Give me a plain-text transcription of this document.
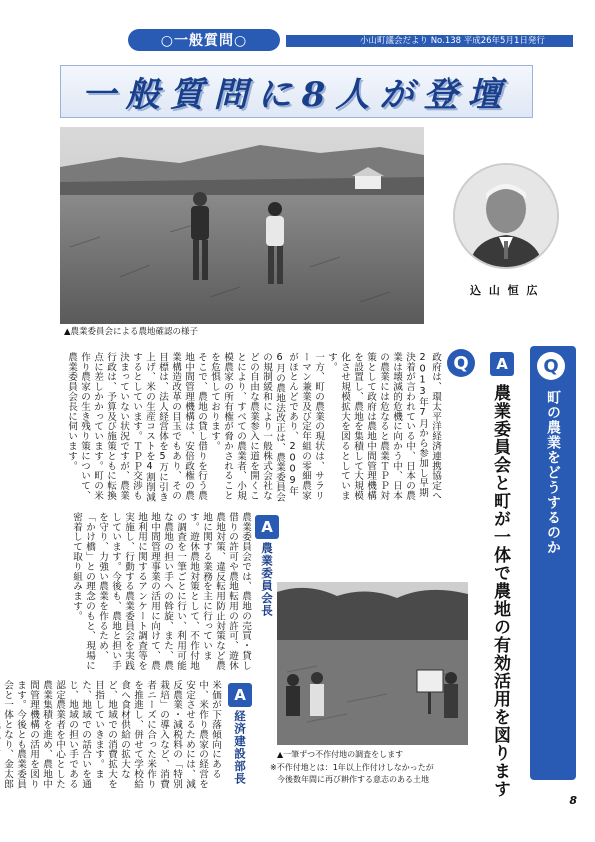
○一般質問○	小山町議会だより No.138 平成26年5月1日発行
一般質問に8人が登壇
▲農業委員会による農地確認の様子
込 山 恒 広
Q
町の農業をどうするのか
A
農業委員会と町が一体で農地の有効活用を図ります
Q

政府は、環太平洋経済連携協定へ2013年7月から参加し早期決着が言われている中、日本の農業は壊滅的危機に向かう中、日本の農業には危なると農業ＴＰＰ対策として政府は農地中間管理機構を設置し、農地を集積して大規模化させ規模拡大を図るとしています。

一方、町の農業の現状は、サラリーマン兼業及び定年組の零細農家がほとんどであり、2009年6月の農地法改正は、農業委員会の規制緩和により一般株式会社などの自由な農業参入に道を開くことにより、すべての農業者、小規模農家の所有権が脅かされることを危惧しております。

そこで、農地の貸し借りを行う農地中間管理機構は、安倍政権の農業構造改革の目玉でもあり、その目標は、法人経営体を5万に引き上げ、米の生産コストを4割削減するとしています。ＴＰＰ交渉も決まっていない状況ですが、農業行政は、予算及び施策ともに転換点に差しかかっています。町の米作り農家の生き残り策について、農業委員会長に伺います。

A
農業委員会長

農業委員会では、農地の売買・貸し借りの許可や農地転用の許可、遊休農地対策、違反転用防止対策など農地に関する業務を主に行っています。遊休農地対策として、不作付地の調査を一筆ごとに行い、利用可能な農地の担い手への斡旋、また、農地中間管理事業の活用に向けて、農地利用に関するアンケート調査等を実施し、行動する農業委員会を実践しています。今後も、農地と担い手を守り、力強い農業を作るため、「かけ橋」との理念のもと、現場に密着して取り組みます。

A
経済建設部長

米価が下落傾向にある中、米作り農家の経営を安定させるためには、減反農業・減税料の「特別栽培」の導入など、消費者ニーズに合った米作りを推進し、併せて学校給食へ食材供給の拡大など、地域での消費拡大を目指していきます。また、地域での話合いを通じ、地域の担い手である認定農業者を中心とした農業集積を進め、農地中間管理機構の活用を図ります。今後とも農業委員会と一体となり、金太郎

▲一筆ずつ不作付地の調査をします
※不作付地とは：1年以上作付けしなかったが
今後数年間に再び耕作する意志のある土地
8
